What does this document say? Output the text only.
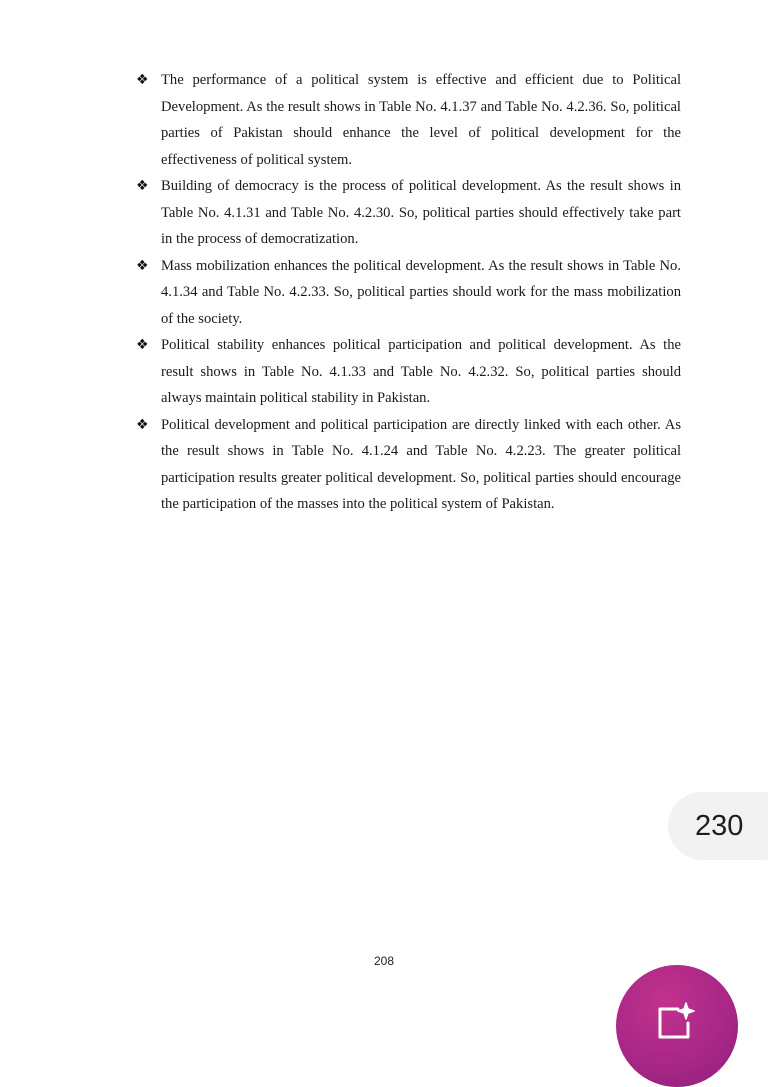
❖ The performance of a political system is effective and efficient due to Political Development. As the result shows in Table No. 4.1.37 and Table No. 4.2.36. So, political parties of Pakistan should enhance the level of political development for the effectiveness of political system.
❖ Building of democracy is the process of political development. As the result shows in Table No. 4.1.31 and Table No. 4.2.30. So, political parties should effectively take part in the process of democratization.
❖ Mass mobilization enhances the political development. As the result shows in Table No. 4.1.34 and Table No. 4.2.33. So, political parties should work for the mass mobilization of the society.
❖ Political stability enhances political participation and political development. As the result shows in Table No. 4.1.33 and Table No. 4.2.32. So, political parties should always maintain political stability in Pakistan.
❖ Political development and political participation are directly linked with each other. As the result shows in Table No. 4.1.24 and Table No. 4.2.23. The greater political participation results greater political development. So, political parties should encourage the participation of the masses into the political system of Pakistan.
208
230
